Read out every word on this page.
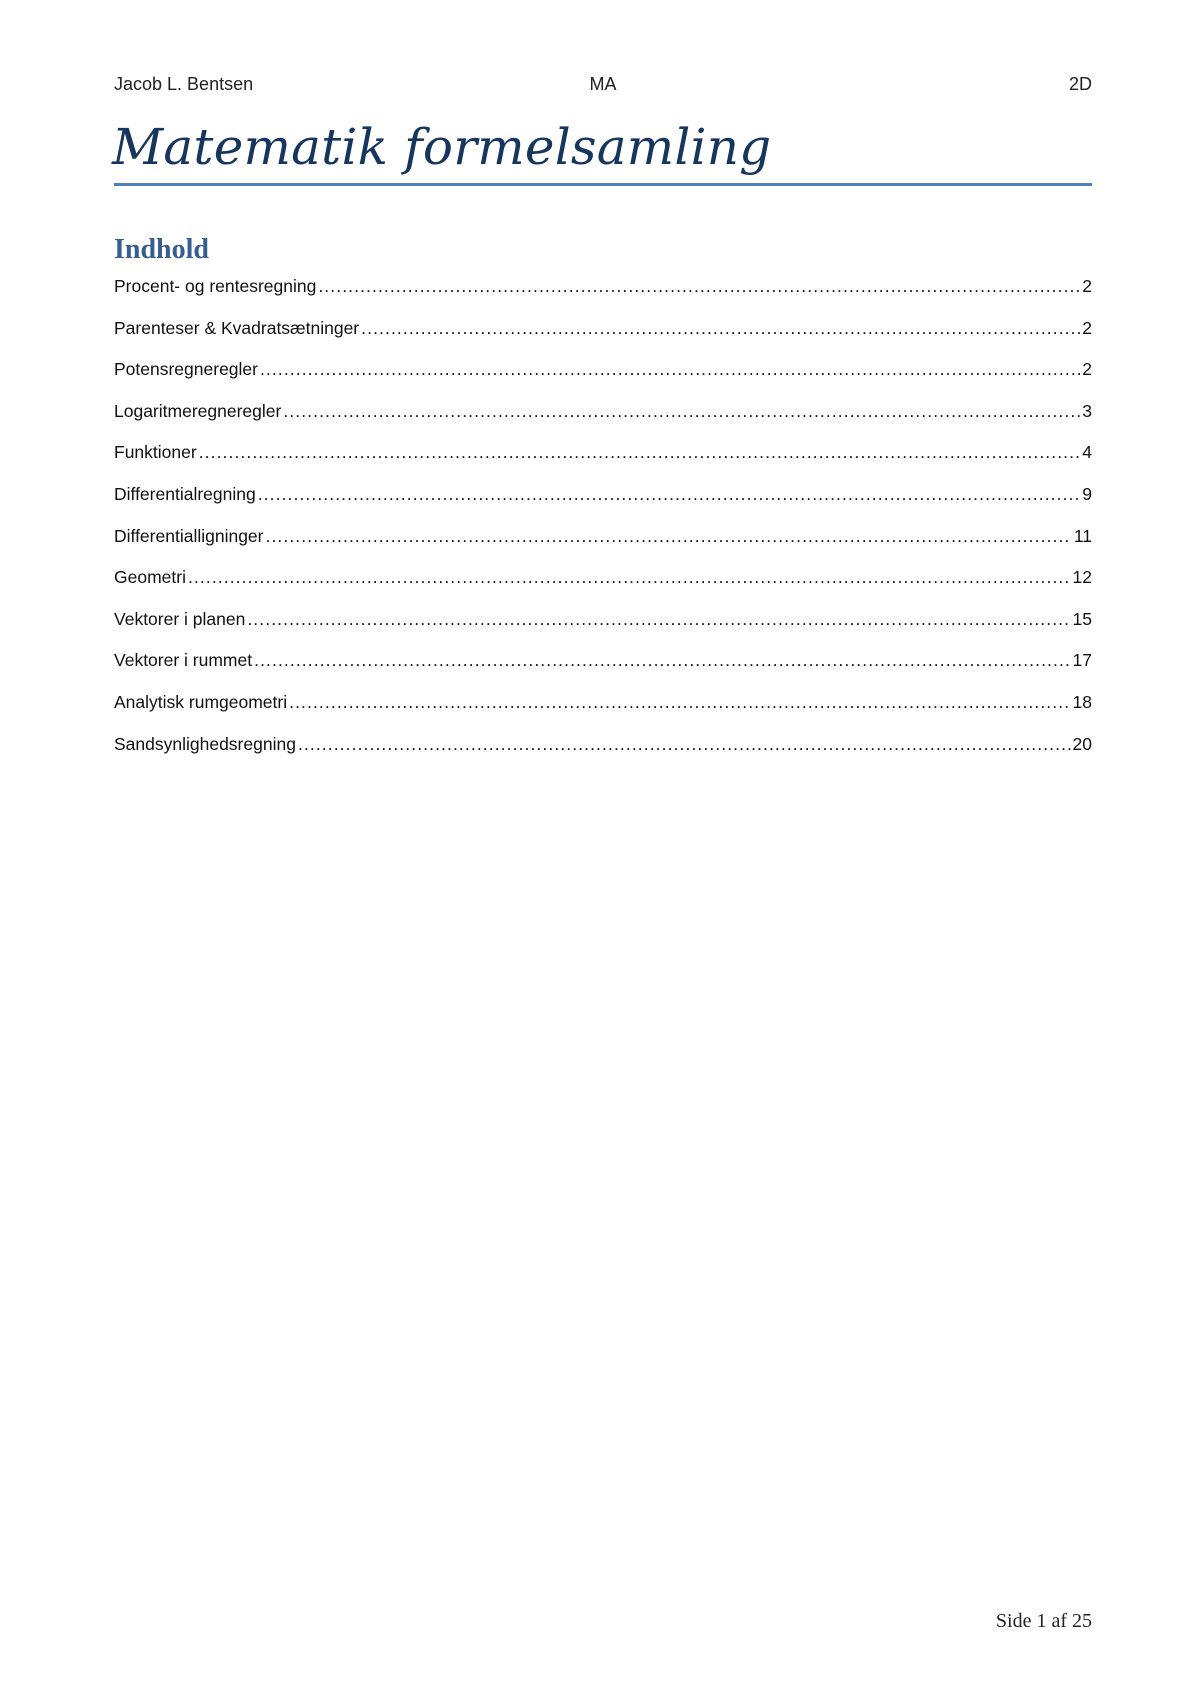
Jacob L. Bentsen	MA	2D
Matematik formelsamling
Indhold
Procent- og rentesregning .....	2
Parenteser & Kvadratsætninger .....	2
Potensregneregler .....	2
Logaritmeregneregler .....	3
Funktioner .....	4
Differentialregning .....	9
Differentialligninger .....	11
Geometri .....	12
Vektorer i planen .....	15
Vektorer i rummet .....	17
Analytisk rumgeometri .....	18
Sandsynlighedsregning .....	20
Side 1 af 25
